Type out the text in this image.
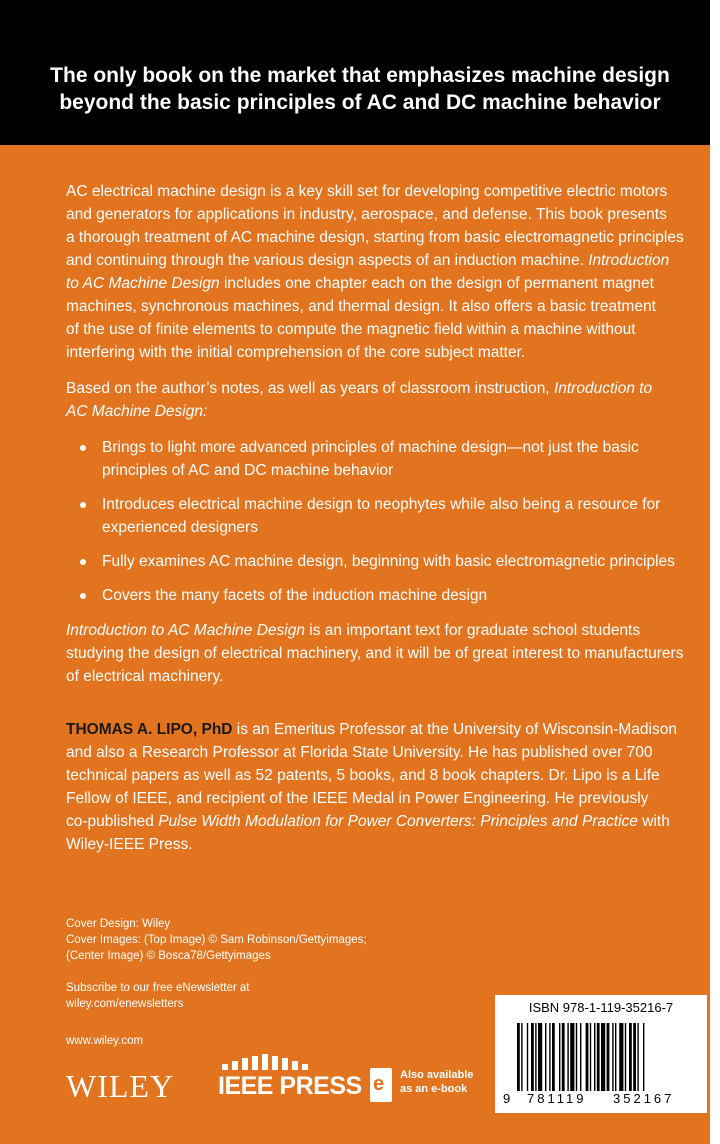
The only book on the market that emphasizes machine design
beyond the basic principles of AC and DC machine behavior

AC electrical machine design is a key skill set for developing competitive electric motors
and generators for applications in industry, aerospace, and defense. This book presents
a thorough treatment of AC machine design, starting from basic electromagnetic principles
and continuing through the various design aspects of an induction machine. Introduction
to AC Machine Design includes one chapter each on the design of permanent magnet
machines, synchronous machines, and thermal design. It also offers a basic treatment
of the use of finite elements to compute the magnetic field within a machine without
interfering with the initial comprehension of the core subject matter.

Based on the author’s notes, as well as years of classroom instruction, Introduction to
AC Machine Design:

Brings to light more advanced principles of machine design—not just the basic
principles of AC and DC machine behavior
Introduces electrical machine design to neophytes while also being a resource for
experienced designers
Fully examines AC machine design, beginning with basic electromagnetic principles
Covers the many facets of the induction machine design

Introduction to AC Machine Design is an important text for graduate school students
studying the design of electrical machinery, and it will be of great interest to manufacturers
of electrical machinery.

THOMAS A. LIPO, PhD is an Emeritus Professor at the University of Wisconsin-Madison
and also a Research Professor at Florida State University. He has published over 700
technical papers as well as 52 patents, 5 books, and 8 book chapters. Dr. Lipo is a Life
Fellow of IEEE, and recipient of the IEEE Medal in Power Engineering. He previously
co-published Pulse Width Modulation for Power Converters: Principles and Practice with
Wiley-IEEE Press.

Cover Design: Wiley
Cover Images: (Top Image) © Sam Robinson/Gettyimages;
(Center Image) © Bosca78/Gettyimages
Subscribe to our free eNewsletter at
wiley.com/enewsletters
www.wiley.com
WILEY IEEE PRESS e Also available
as an e-book
ISBN 978-1-119-35216-7
9 781119 352167
